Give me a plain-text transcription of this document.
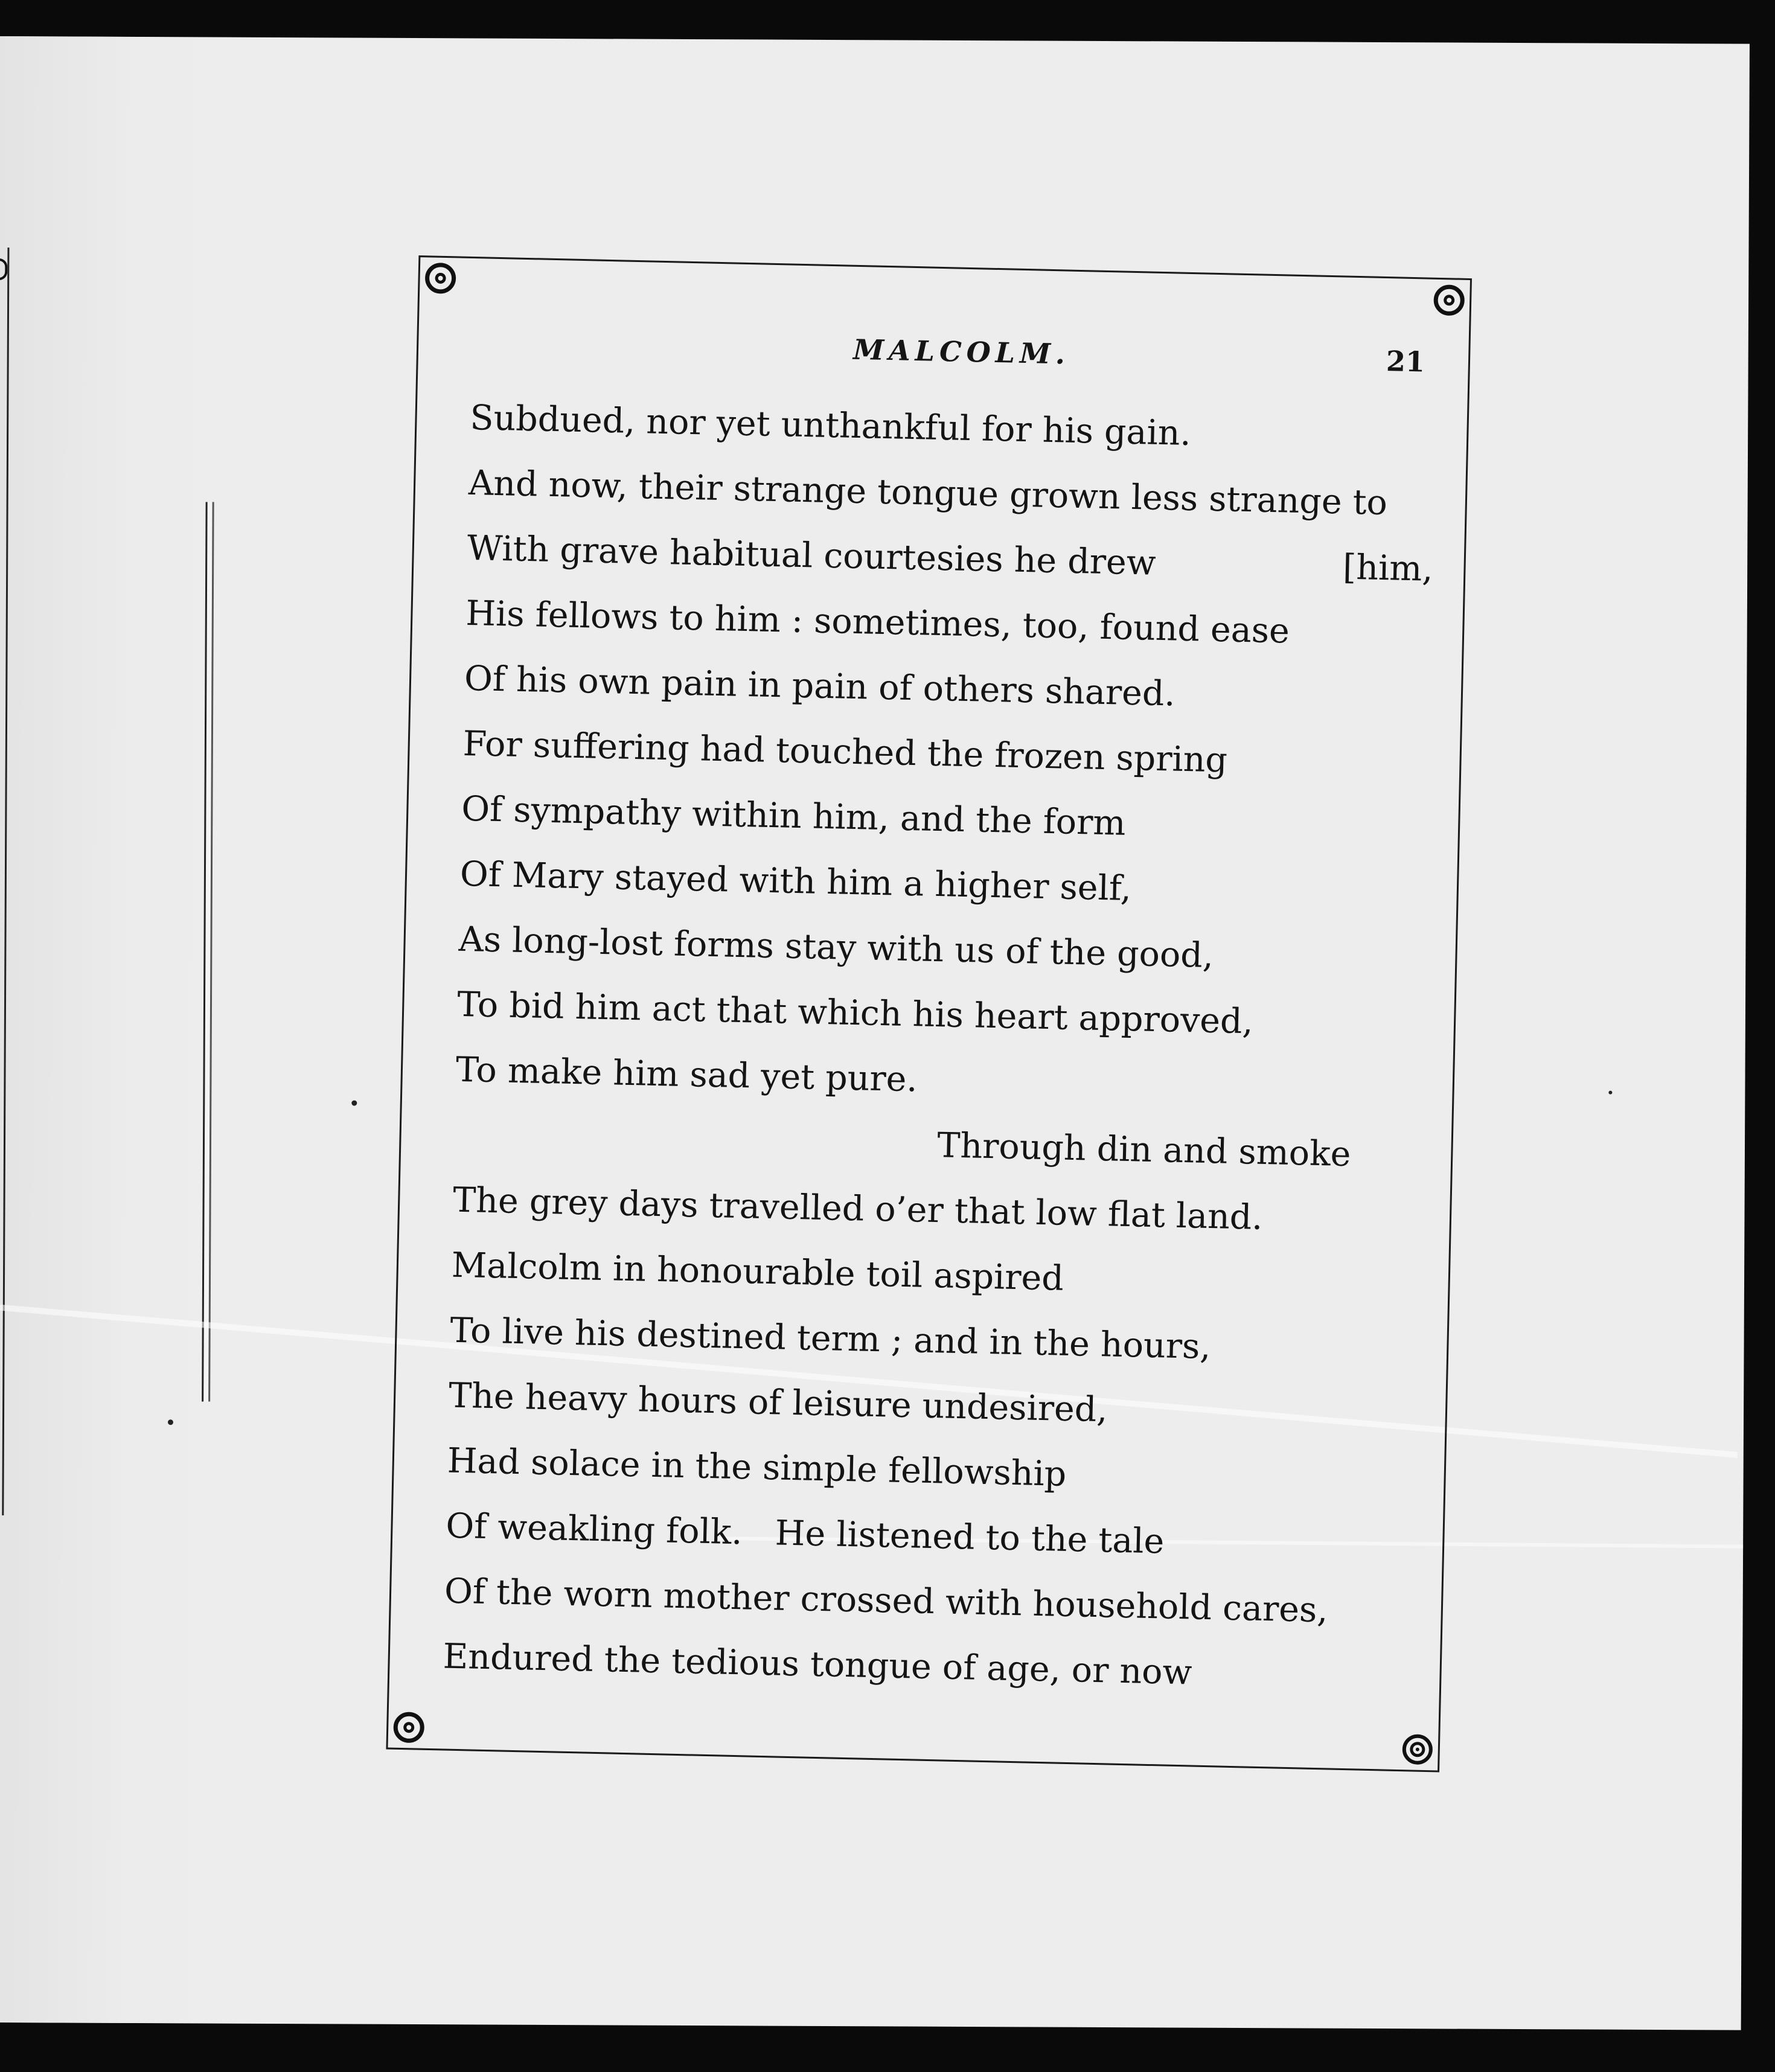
MALCOLM.	21
Subdued, nor yet unthankful for his gain.
And now, their strange tongue grown less strange to
With grave habitual courtesies he drew	[him,
His fellows to him : sometimes, too, found ease
Of his own pain in pain of others shared.
For suffering had touched the frozen spring
Of sympathy within him, and the form
Of Mary stayed with him a higher self,
As long-lost forms stay with us of the good,
To bid him act that which his heart approved,
To make him sad yet pure.
Through din and smoke
The grey days travelled o’er that low flat land.
Malcolm in honourable toil aspired
To live his destined term ; and in the hours,
The heavy hours of leisure undesired,
Had solace in the simple fellowship
Of weakling folk.   He listened to the tale
Of the worn mother crossed with household cares,
Endured the tedious tongue of age, or now
